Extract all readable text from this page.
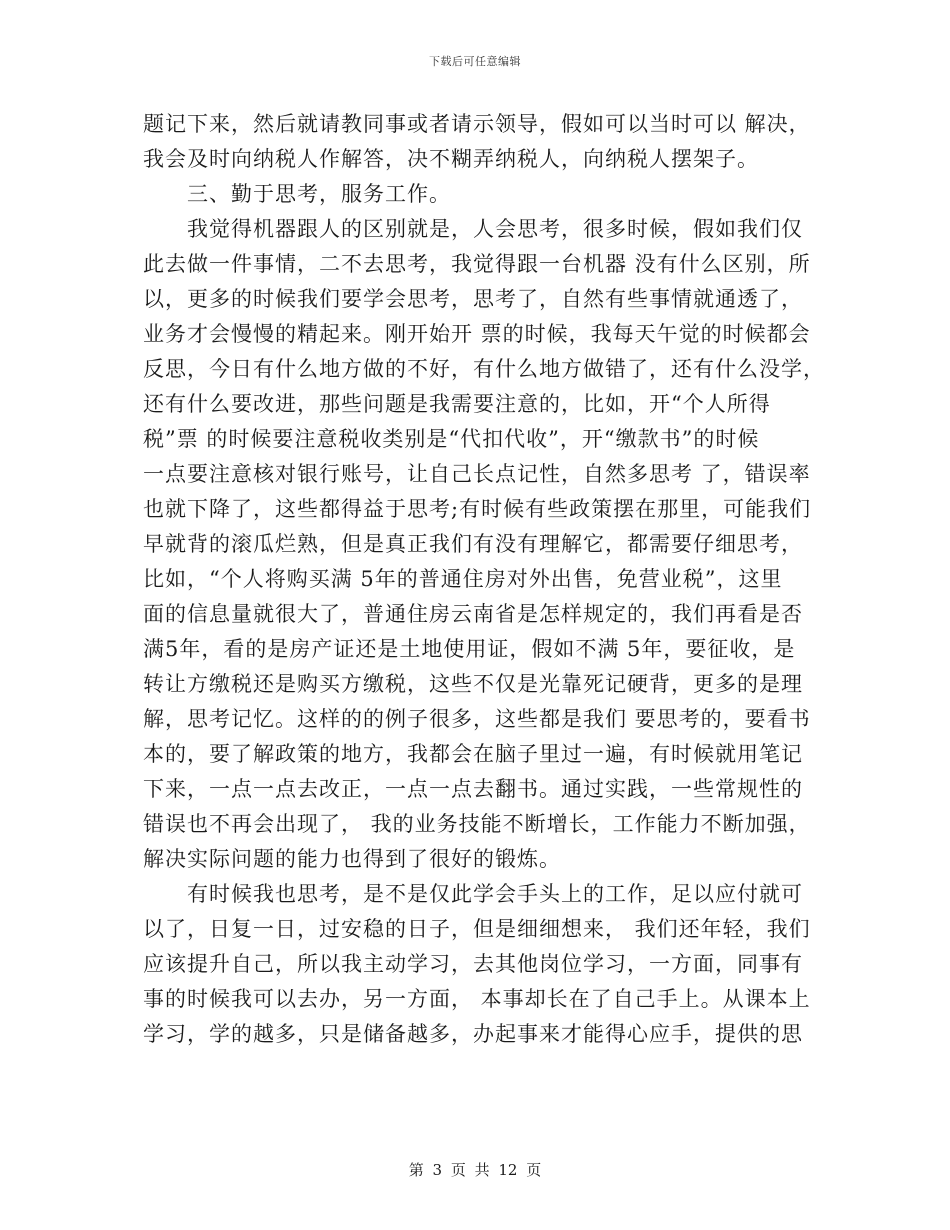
下载后可任意编辑
题记下来，然后就请教同事或者请示领导，假如可以当时可以 解决，
我会及时向纳税人作解答，决不糊弄纳税人，向纳税人摆架子。
　　三、勤于思考，服务工作。
　　我觉得机器跟人的区别就是，人会思考，很多时候，假如我们仅
此去做一件事情，二不去思考，我觉得跟一台机器 没有什么区别，所
以，更多的时候我们要学会思考，思考了，自然有些事情就通透了，
业务才会慢慢的精起来。刚开始开 票的时候，我每天午觉的时候都会
反思，今日有什么地方做的不好，有什么地方做错了，还有什么没学，
还有什么要改进，那些问题是我需要注意的，比如，开“个人所得
税”票 的时候要注意税收类别是“代扣代收”，开“缴款书”的时候
一点要注意核对银行账号，让自己长点记性，自然多思考 了，错误率
也就下降了，这些都得益于思考;有时候有些政策摆在那里，可能我们
早就背的滚瓜烂熟，但是真正我们有没有理解它，都需要仔细思考，
比如，“个人将购买满 5年的普通住房对外出售，免营业税”，这里
面的信息量就很大了，普通住房云南省是怎样规定的，我们再看是否
满5年，看的是房产证还是土地使用证，假如不满 5年，要征收，是
转让方缴税还是购买方缴税，这些不仅是光靠死记硬背，更多的是理
解，思考记忆。这样的的例子很多，这些都是我们 要思考的，要看书
本的，要了解政策的地方，我都会在脑子里过一遍，有时候就用笔记
下来，一点一点去改正，一点一点去翻书。通过实践，一些常规性的
错误也不再会出现了， 我的业务技能不断增长，工作能力不断加强，
解决实际问题的能力也得到了很好的锻炼。
　　有时候我也思考，是不是仅此学会手头上的工作，足以应付就可
以了，日复一日，过安稳的日子，但是细细想来， 我们还年轻，我们
应该提升自己，所以我主动学习，去其他岗位学习，一方面，同事有
事的时候我可以去办，另一方面， 本事却长在了自己手上。从课本上
学习，学的越多，只是储备越多，办起事来才能得心应手，提供的思
第 3 页 共 12 页
